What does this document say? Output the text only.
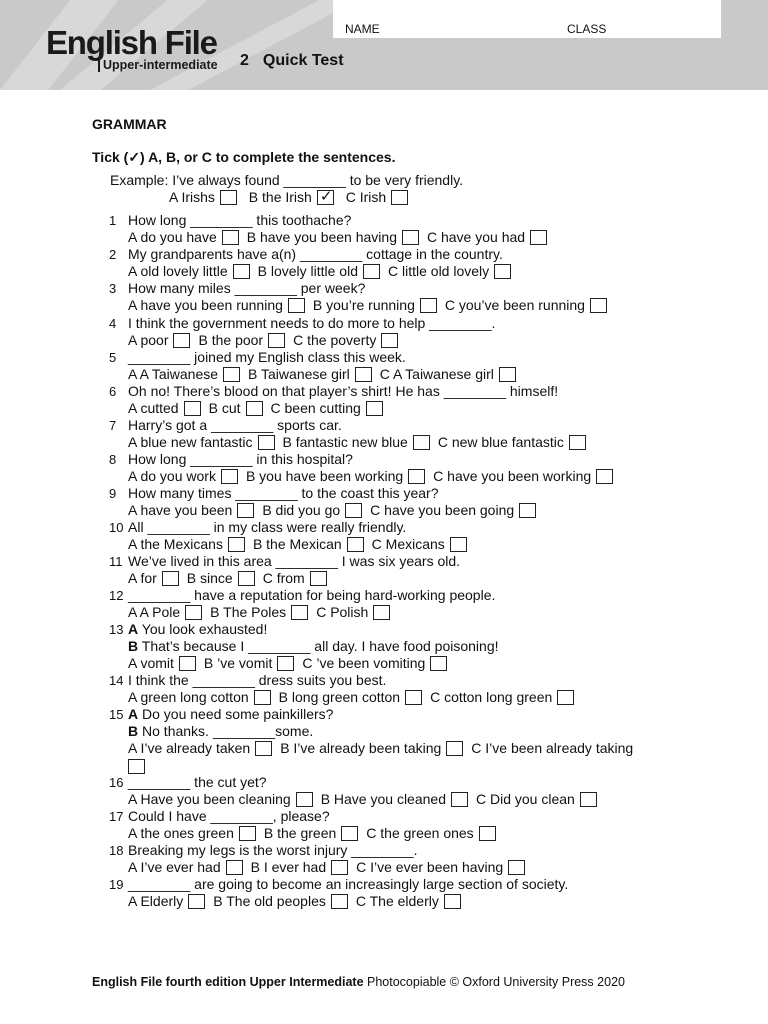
English File
Upper-intermediate 2 Quick Test
NAME	CLASS
GRAMMAR
Tick (✓) A, B, or C to complete the sentences.
Example: I’ve always found ________ to be very friendly.
A Irishs B the Irish✓ C Irish
1 How long ________ this toothache?
A do you have B have you been having C have you had
2 My grandparents have a(n) ________ cottage in the country.
A old lovely little B lovely little old C little old lovely
3 How many miles ________ per week?
A have you been running B you’re running C you’ve been running
4 I think the government needs to do more to help ________.
A poor B the poor C the poverty
5 ________ joined my English class this week.
A A Taiwanese B Taiwanese girl C A Taiwanese girl
6 Oh no! There’s blood on that player’s shirt! He has ________ himself!
A cutted B cut C been cutting
7 Harry’s got a ________ sports car.
A blue new fantastic B fantastic new blue C new blue fantastic
8 How long ________ in this hospital?
A do you work B you have been working C have you been working
9 How many times ________ to the coast this year?
A have you been B did you go C have you been going
10 All ________ in my class were really friendly.
A the Mexicans B the Mexican C Mexicans
11 We’ve lived in this area ________ I was six years old.
A for B since C from
12 ________ have a reputation for being hard-working people.
A A Pole B The Poles C Polish
13 A You look exhausted!
B That’s because I ________ all day. I have food poisoning!
A vomit B ’ve vomit C ’ve been vomiting
14 I think the ________ dress suits you best.
A green long cotton B long green cotton C cotton long green
15 A Do you need some painkillers?
B No thanks. ________some.
A I’ve already taken B I’ve already been taking C I’ve been already taking
16 ________ the cut yet?
A Have you been cleaning B Have you cleaned C Did you clean
17 Could I have ________, please?
A the ones green B the green C the green ones
18 Breaking my legs is the worst injury ________.
A I’ve ever had B I ever had C I’ve ever been having
19 ________ are going to become an increasingly large section of society.
A Elderly B The old peoples C The elderly
English File fourth edition Upper Intermediate Photocopiable © Oxford University Press 2020
